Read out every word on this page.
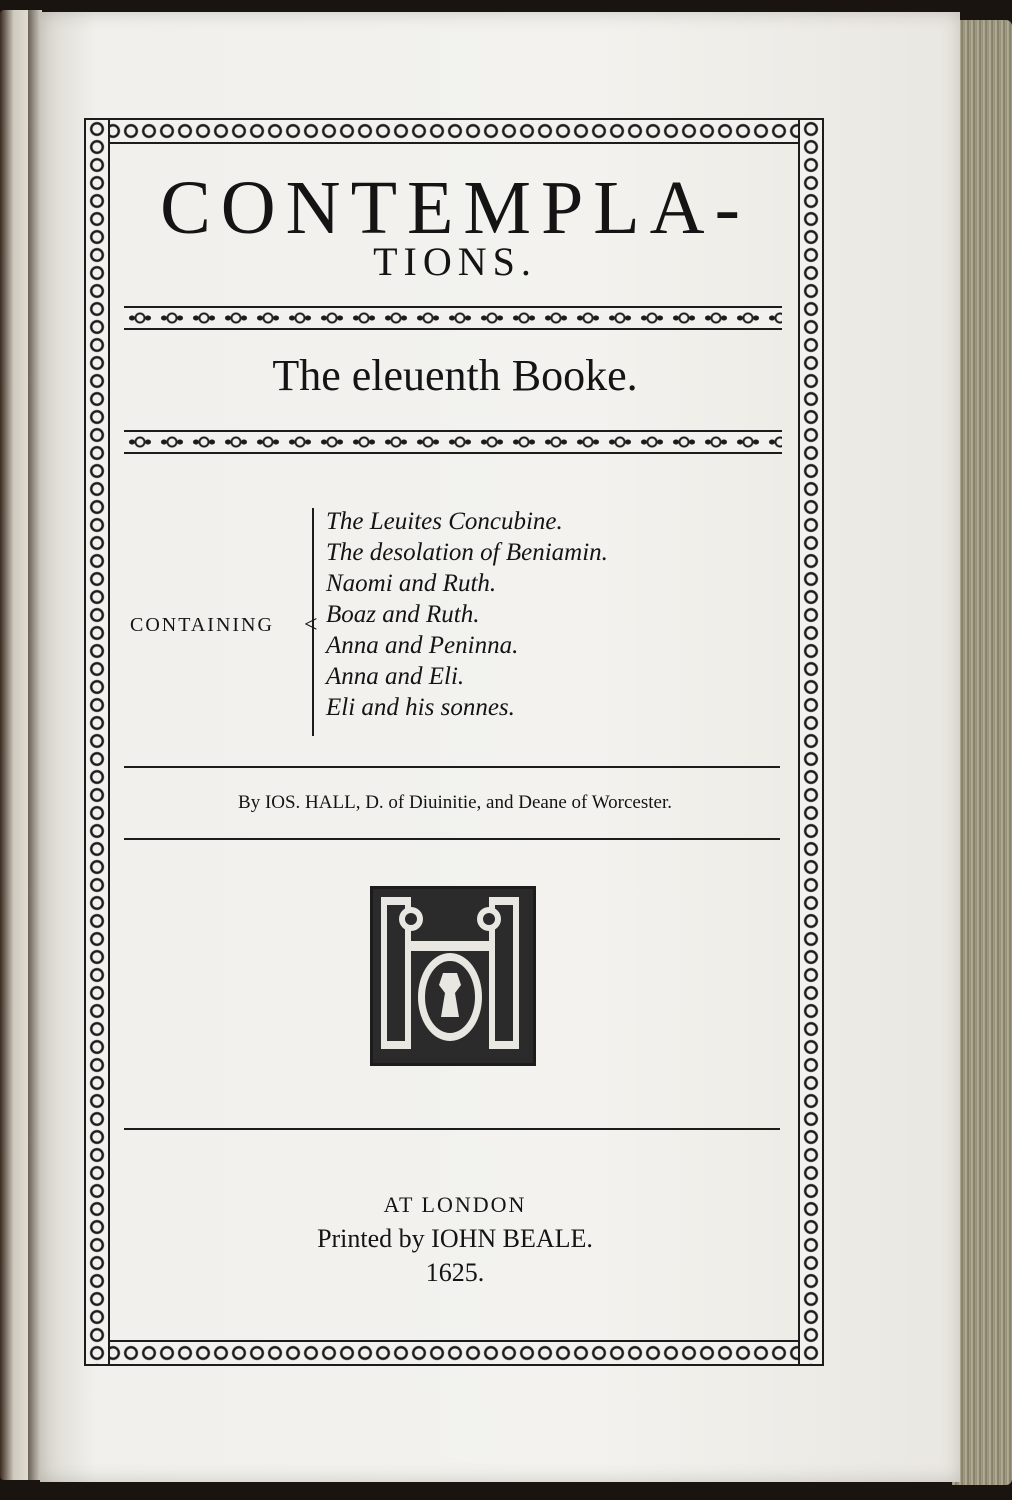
CONTEMPLA-
TIONS.
The eleuenth Booke.
CONTAINING <
The Leuites Concubine.
The desolation of Beniamin.
Naomi and Ruth.
Boaz and Ruth.
Anna and Peninna.
Anna and Eli.
Eli and his sonnes.
By IOS. HALL, D. of Diuinitie, and Deane of Worcester.
AT LONDON
Printed by IOHN BEALE.
1625.
